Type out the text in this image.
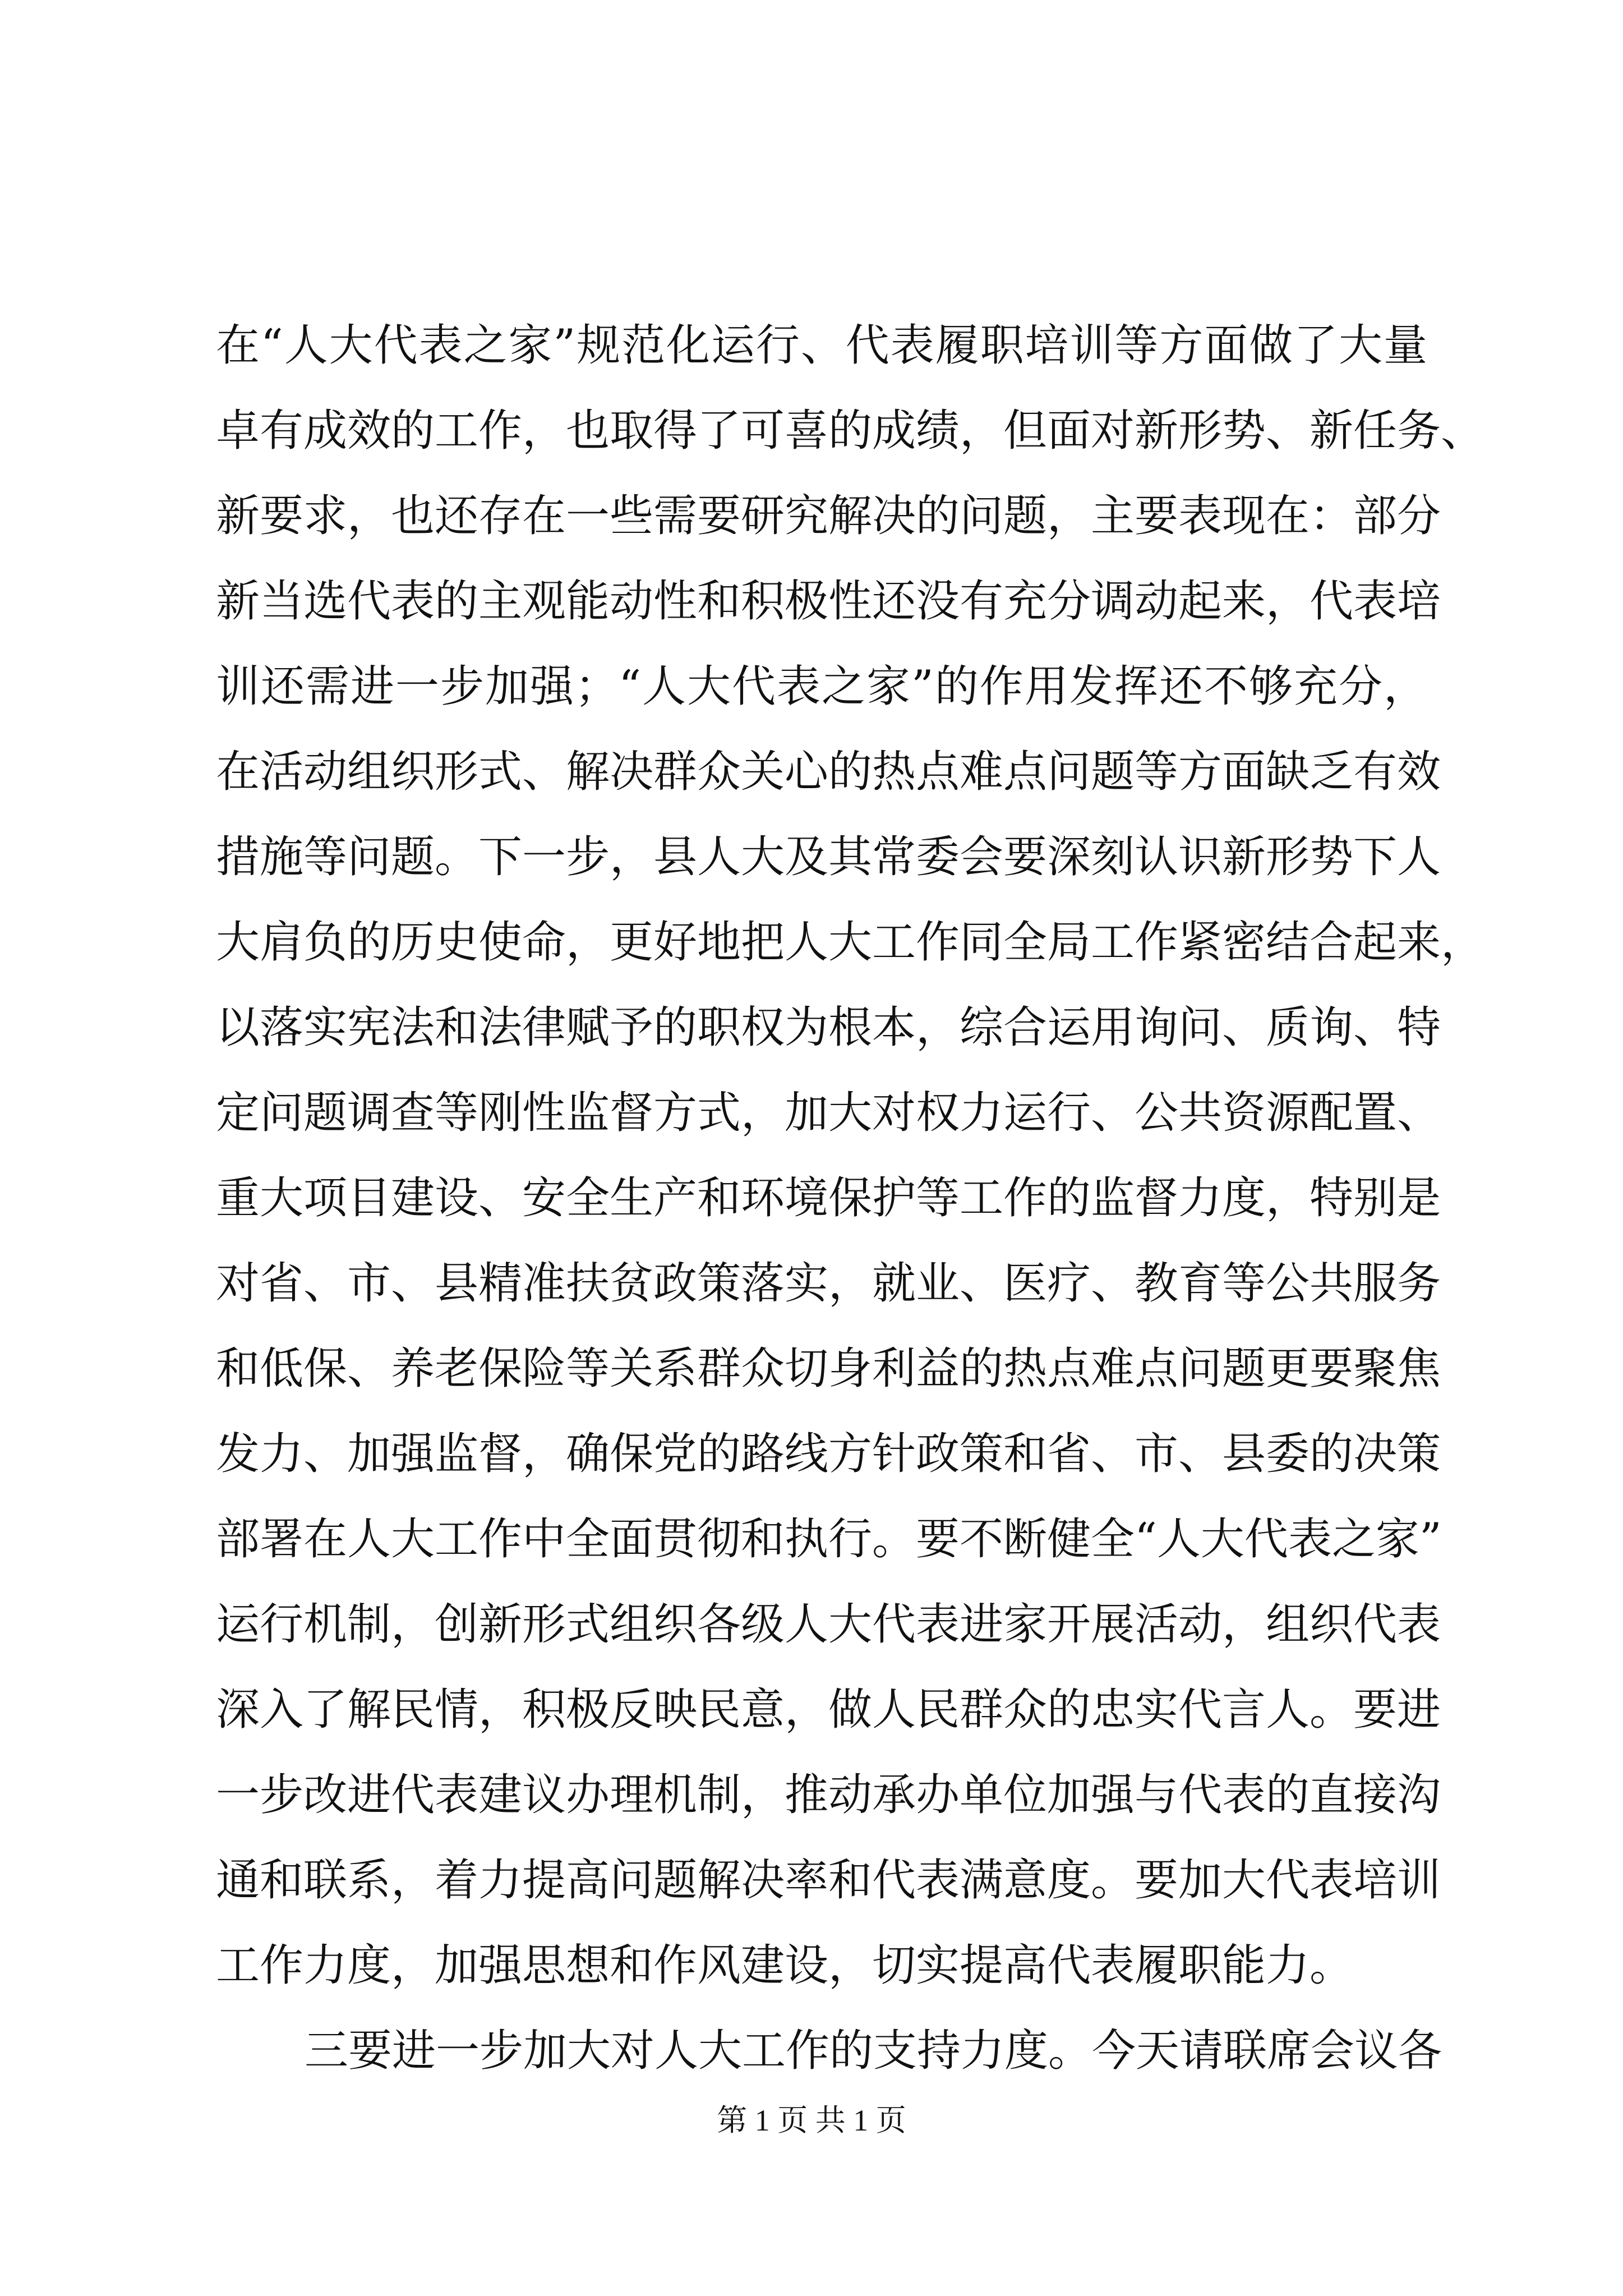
在“人大代表之家”规范化运行、代表履职培训等方面做了大量
卓有成效的工作，也取得了可喜的成绩，但面对新形势、新任务、
新要求，也还存在一些需要研究解决的问题，主要表现在：部分
新当选代表的主观能动性和积极性还没有充分调动起来，代表培
训还需进一步加强；“人大代表之家”的作用发挥还不够充分，
在活动组织形式、解决群众关心的热点难点问题等方面缺乏有效
措施等问题。下一步，县人大及其常委会要深刻认识新形势下人
大肩负的历史使命，更好地把人大工作同全局工作紧密结合起来，
以落实宪法和法律赋予的职权为根本，综合运用询问、质询、特
定问题调查等刚性监督方式，加大对权力运行、公共资源配置、
重大项目建设、安全生产和环境保护等工作的监督力度，特别是
对省、市、县精准扶贫政策落实，就业、医疗、教育等公共服务
和低保、养老保险等关系群众切身利益的热点难点问题更要聚焦
发力、加强监督，确保党的路线方针政策和省、市、县委的决策
部署在人大工作中全面贯彻和执行。要不断健全“人大代表之家”
运行机制，创新形式组织各级人大代表进家开展活动，组织代表
深入了解民情，积极反映民意，做人民群众的忠实代言人。要进
一步改进代表建议办理机制，推动承办单位加强与代表的直接沟
通和联系，着力提高问题解决率和代表满意度。要加大代表培训
工作力度，加强思想和作风建设，切实提高代表履职能力。
三要进一步加大对人大工作的支持力度。今天请联席会议各
第 1 页 共 1 页
